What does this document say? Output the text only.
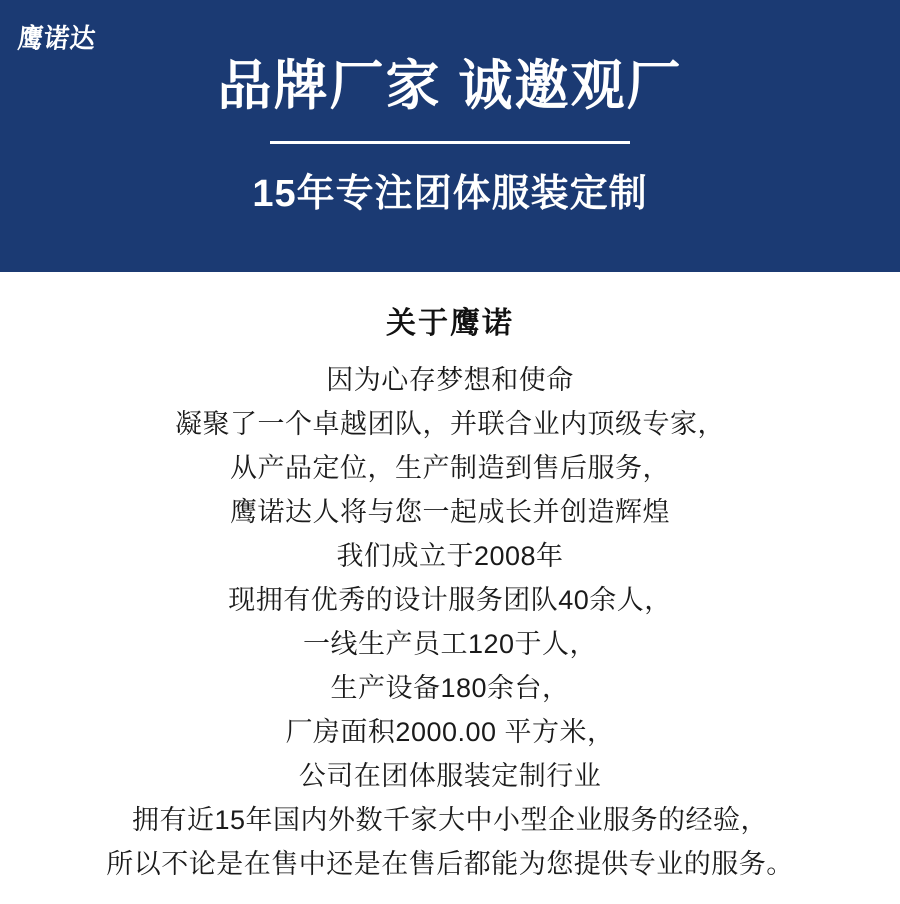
鹰诺达
品牌厂家 诚邀观厂
15年专注团体服装定制
关于鹰诺
因为心存梦想和使命
凝聚了一个卓越团队，并联合业内顶级专家，
从产品定位，生产制造到售后服务，
鹰诺达人将与您一起成长并创造辉煌
我们成立于2008年
现拥有优秀的设计服务团队40余人，
一线生产员工120于人，
生产设备180余台，
厂房面积2000.00 平方米，
公司在团体服装定制行业
拥有近15年国内外数千家大中小型企业服务的经验，
所以不论是在售中还是在售后都能为您提供专业的服务。
